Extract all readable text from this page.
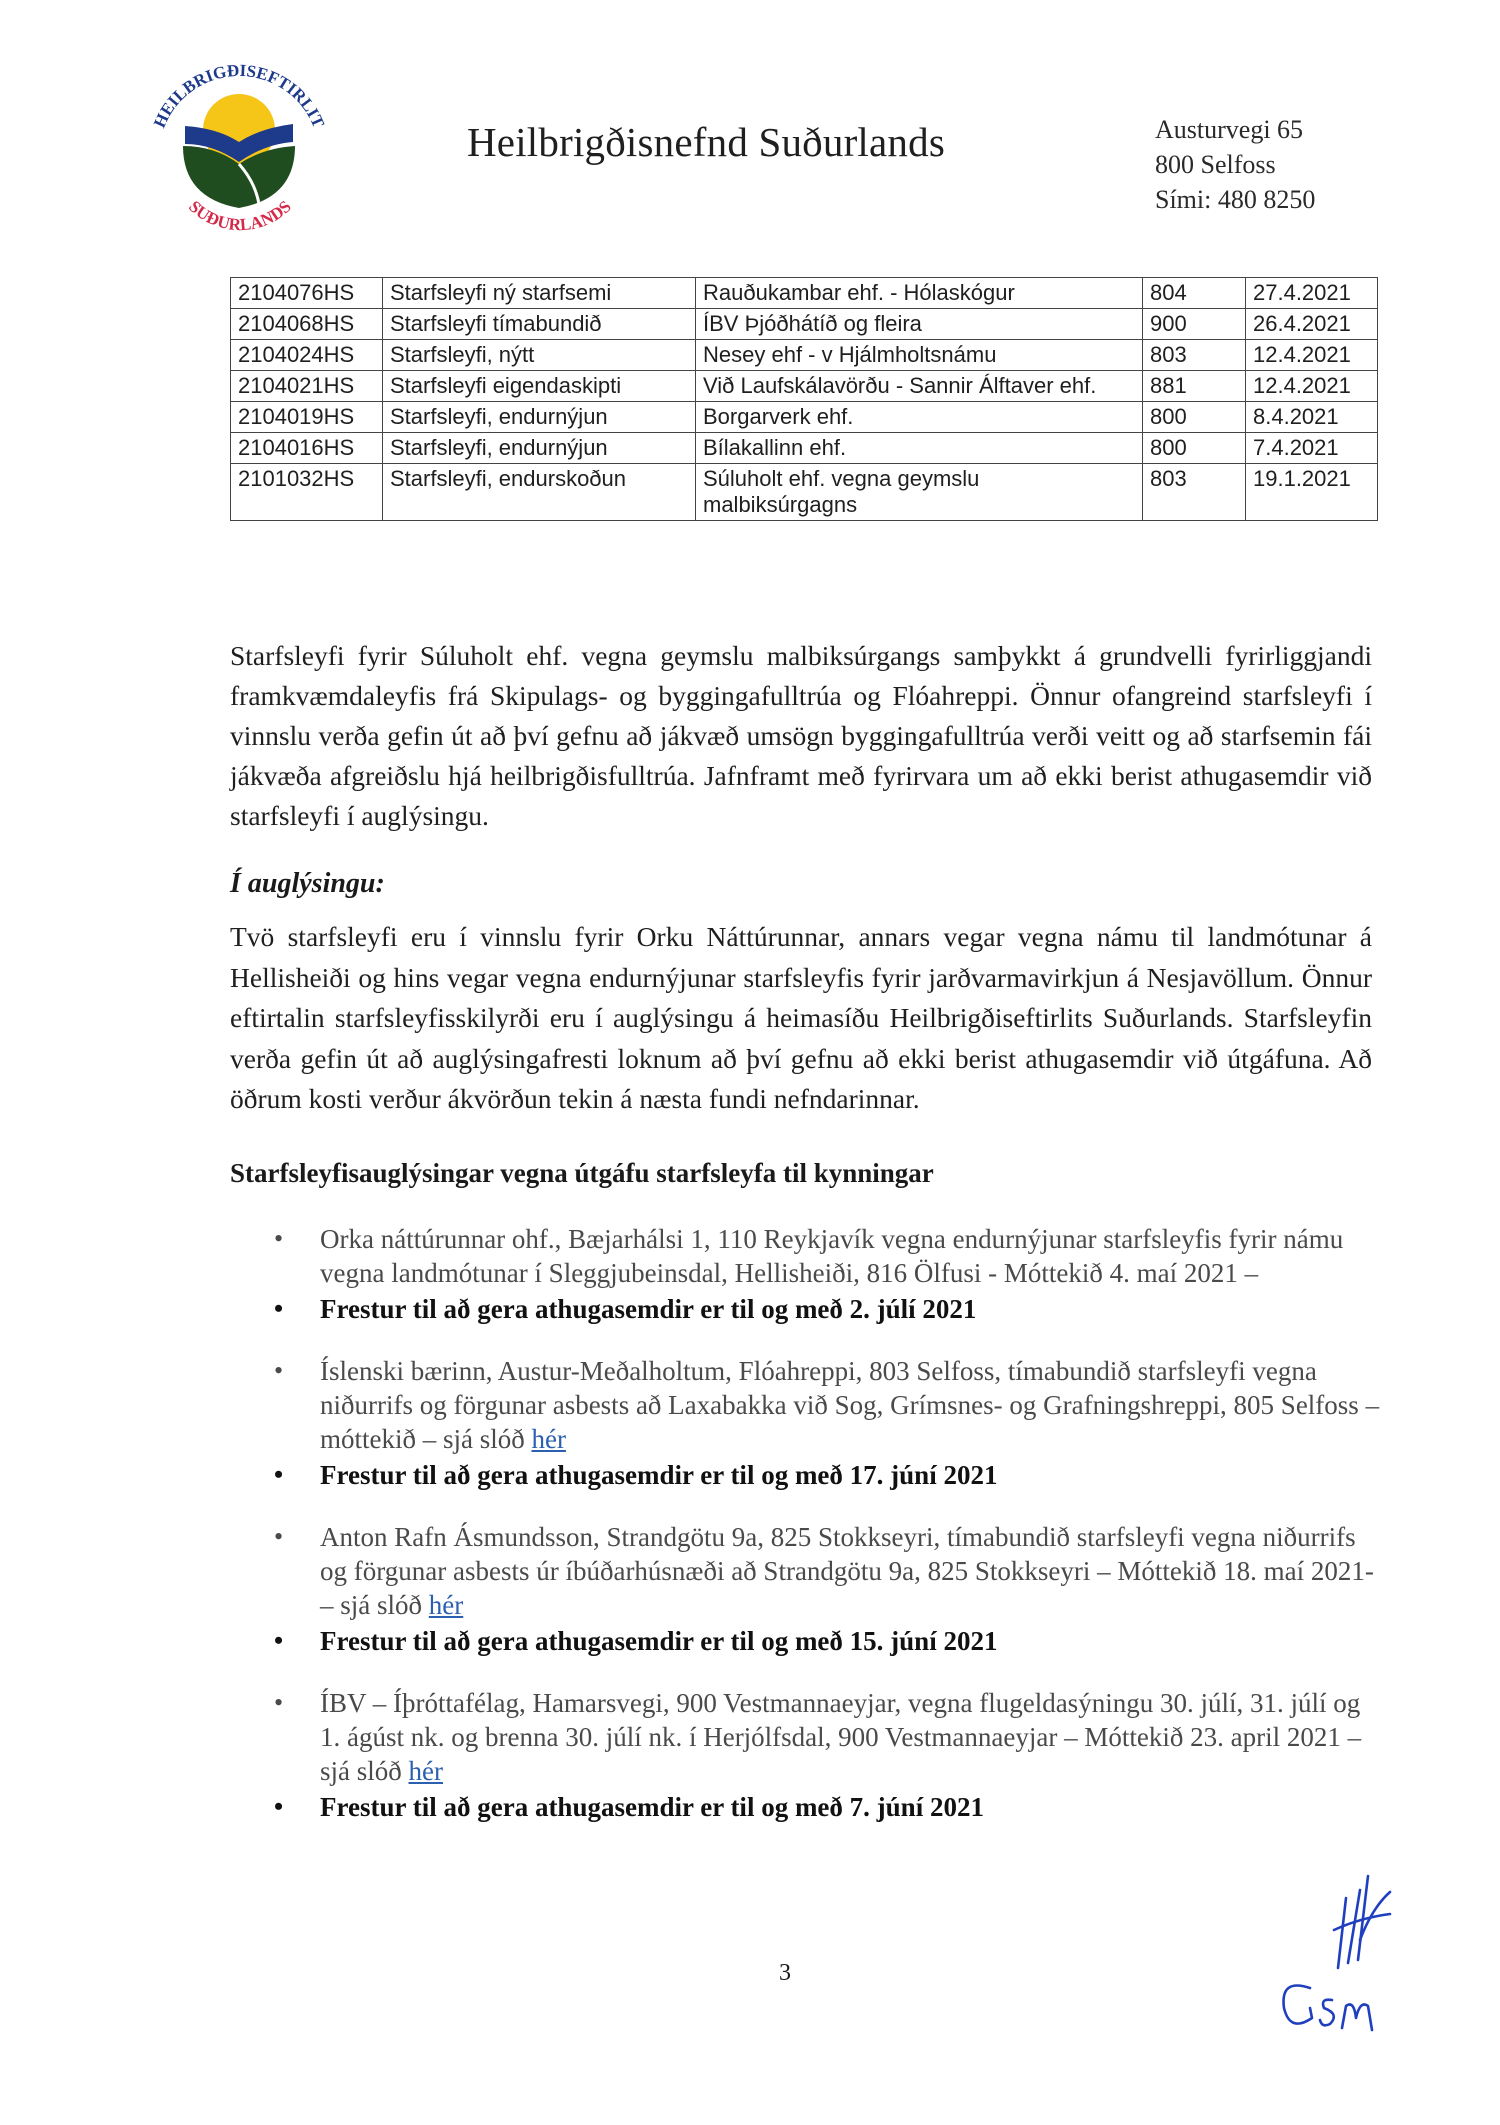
HEILBRIGÐISEFTIRLIT
SUÐURLANDS
Heilbrigðisnefnd Suðurlands	Austurvegi 65
800 Selfoss
Sími: 480 8250
2104076HS	Starfsleyfi ný starfsemi	Rauðukambar ehf. - Hólaskógur	804	27.4.2021
2104068HS	Starfsleyfi tímabundið	ÍBV Þjóðhátíð og fleira	900	26.4.2021
2104024HS	Starfsleyfi, nýtt	Nesey ehf - v Hjálmholtsnámu	803	12.4.2021
2104021HS	Starfsleyfi eigendaskipti	Við Laufskálavörðu - Sannir Álftaver ehf.	881	12.4.2021
2104019HS	Starfsleyfi, endurnýjun	Borgarverk ehf.	800	8.4.2021
2104016HS	Starfsleyfi, endurnýjun	Bílakallinn ehf.	800	7.4.2021
2101032HS	Starfsleyfi, endurskoðun	Súluholt ehf. vegna geymslu malbiksúrgagns	803	19.1.2021
Starfsleyfi fyrir Súluholt ehf. vegna geymslu malbiksúrgangs samþykkt á grundvelli fyrirliggjandi framkvæmdaleyfis frá Skipulags- og byggingafulltrúa og Flóahreppi. Önnur ofangreind starfsleyfi í vinnslu verða gefin út að því gefnu að jákvæð umsögn byggingafulltrúa verði veitt og að starfsemin fái jákvæða afgreiðslu hjá heilbrigðisfulltrúa. Jafnframt með fyrirvara um að ekki berist athugasemdir við starfsleyfi í auglýsingu.
Í auglýsingu:
Tvö starfsleyfi eru í vinnslu fyrir Orku Náttúrunnar, annars vegar vegna námu til landmótunar á Hellisheiði og hins vegar vegna endurnýjunar starfsleyfis fyrir jarðvarmavirkjun á Nesjavöllum. Önnur eftirtalin starfsleyfisskilyrði eru í auglýsingu á heimasíðu Heilbrigðiseftirlits Suðurlands. Starfsleyfin verða gefin út að auglýsingafresti loknum að því gefnu að ekki berist athugasemdir við útgáfuna. Að öðrum kosti verður ákvörðun tekin á næsta fundi nefndarinnar.
Starfsleyfisauglýsingar vegna útgáfu starfsleyfa til kynningar
• Orka náttúrunnar ohf., Bæjarhálsi 1, 110 Reykjavík vegna endurnýjunar starfsleyfis fyrir námu vegna landmótunar í Sleggjubeinsdal, Hellisheiði, 816 Ölfusi - Móttekið 4. maí 2021 –
• Frestur til að gera athugasemdir er til og með 2. júlí 2021
• Íslenski bærinn, Austur-Meðalholtum, Flóahreppi, 803 Selfoss, tímabundið starfsleyfi vegna niðurrifs og förgunar asbests að Laxabakka við Sog, Grímsnes- og Grafningshreppi, 805 Selfoss – móttekið – sjá slóð hér
• Frestur til að gera athugasemdir er til og með 17. júní 2021
• Anton Rafn Ásmundsson, Strandgötu 9a, 825 Stokkseyri, tímabundið starfsleyfi vegna niðurrifs og förgunar asbests úr íbúðarhúsnæði að Strandgötu 9a, 825 Stokkseyri – Móttekið 18. maí 2021- – sjá slóð hér
• Frestur til að gera athugasemdir er til og með 15. júní 2021
• ÍBV – Íþróttafélag, Hamarsvegi, 900 Vestmannaeyjar, vegna flugeldasýningu 30. júlí, 31. júlí og 1. ágúst nk. og brenna 30. júlí nk. í Herjólfsdal, 900 Vestmannaeyjar – Móttekið 23. april 2021 – sjá slóð hér
• Frestur til að gera athugasemdir er til og með 7. júní 2021
3
